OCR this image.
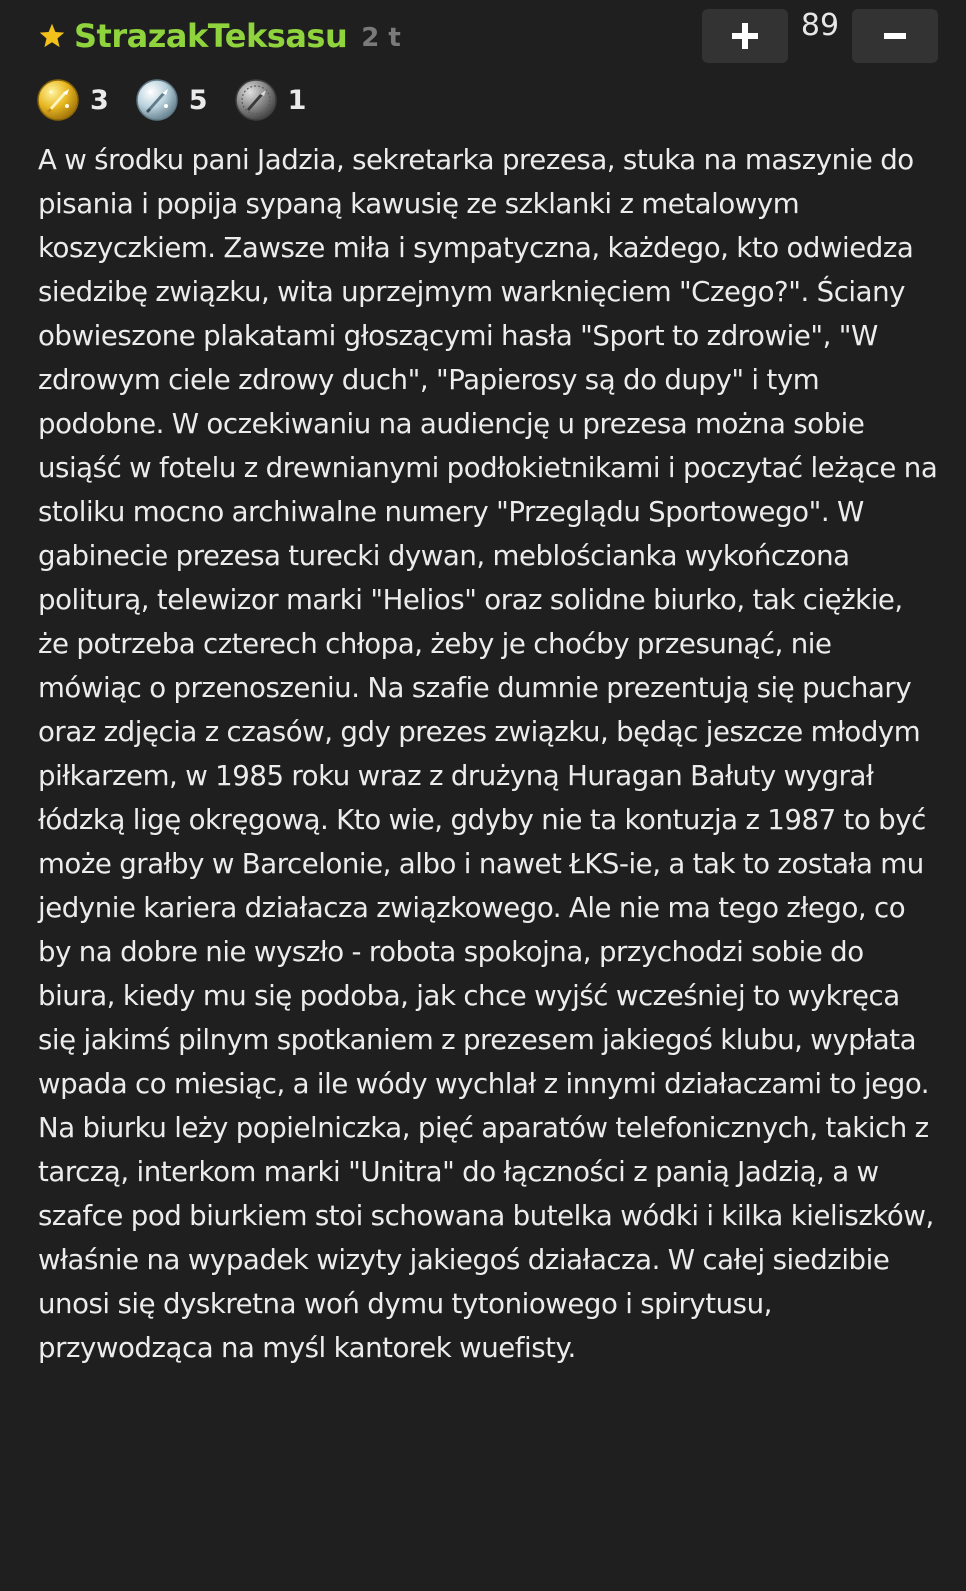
StrazakTeksasu 2 t	89
3	5	1

A w środku pani Jadzia, sekretarka prezesa, stuka na maszynie do pisania i popija sypaną kawusię ze szklanki z metalowym koszyczkiem. Zawsze miła i sympatyczna, każdego, kto odwiedza siedzibę związku, wita uprzejmym warknięciem "Czego?". Ściany obwieszone plakatami głoszącymi hasła "Sport to zdrowie", "W zdrowym ciele zdrowy duch", "Papierosy są do dupy" i tym podobne. W oczekiwaniu na audiencję u prezesa można sobie usiąść w fotelu z drewnianymi podłokietnikami i poczytać leżące na stoliku mocno archiwalne numery "Przeglądu Sportowego". W gabinecie prezesa turecki dywan, meblościanka wykończona politurą, telewizor marki "Helios" oraz solidne biurko, tak ciężkie, że potrzeba czterech chłopa, żeby je choćby przesunąć, nie mówiąc o przenoszeniu. Na szafie dumnie prezentują się puchary oraz zdjęcia z czasów, gdy prezes związku, będąc jeszcze młodym piłkarzem, w 1985 roku wraz z drużyną Huragan Bałuty wygrał łódzką ligę okręgową. Kto wie, gdyby nie ta kontuzja z 1987 to być może grałby w Barcelonie, albo i nawet ŁKS-ie, a tak to została mu jedynie kariera działacza związkowego. Ale nie ma tego złego, co by na dobre nie wyszło - robota spokojna, przychodzi sobie do biura, kiedy mu się podoba, jak chce wyjść wcześniej to wykręca się jakimś pilnym spotkaniem z prezesem jakiegoś klubu, wypłata wpada co miesiąc, a ile wódy wychlał z innymi działaczami to jego. Na biurku leży popielniczka, pięć aparatów telefonicznych, takich z tarczą, interkom marki "Unitra" do łączności z panią Jadzią, a w szafce pod biurkiem stoi schowana butelka wódki i kilka kieliszków, właśnie na wypadek wizyty jakiegoś działacza. W całej siedzibie unosi się dyskretna woń dymu tytoniowego i spirytusu, przywodząca na myśl kantorek wuefisty.
